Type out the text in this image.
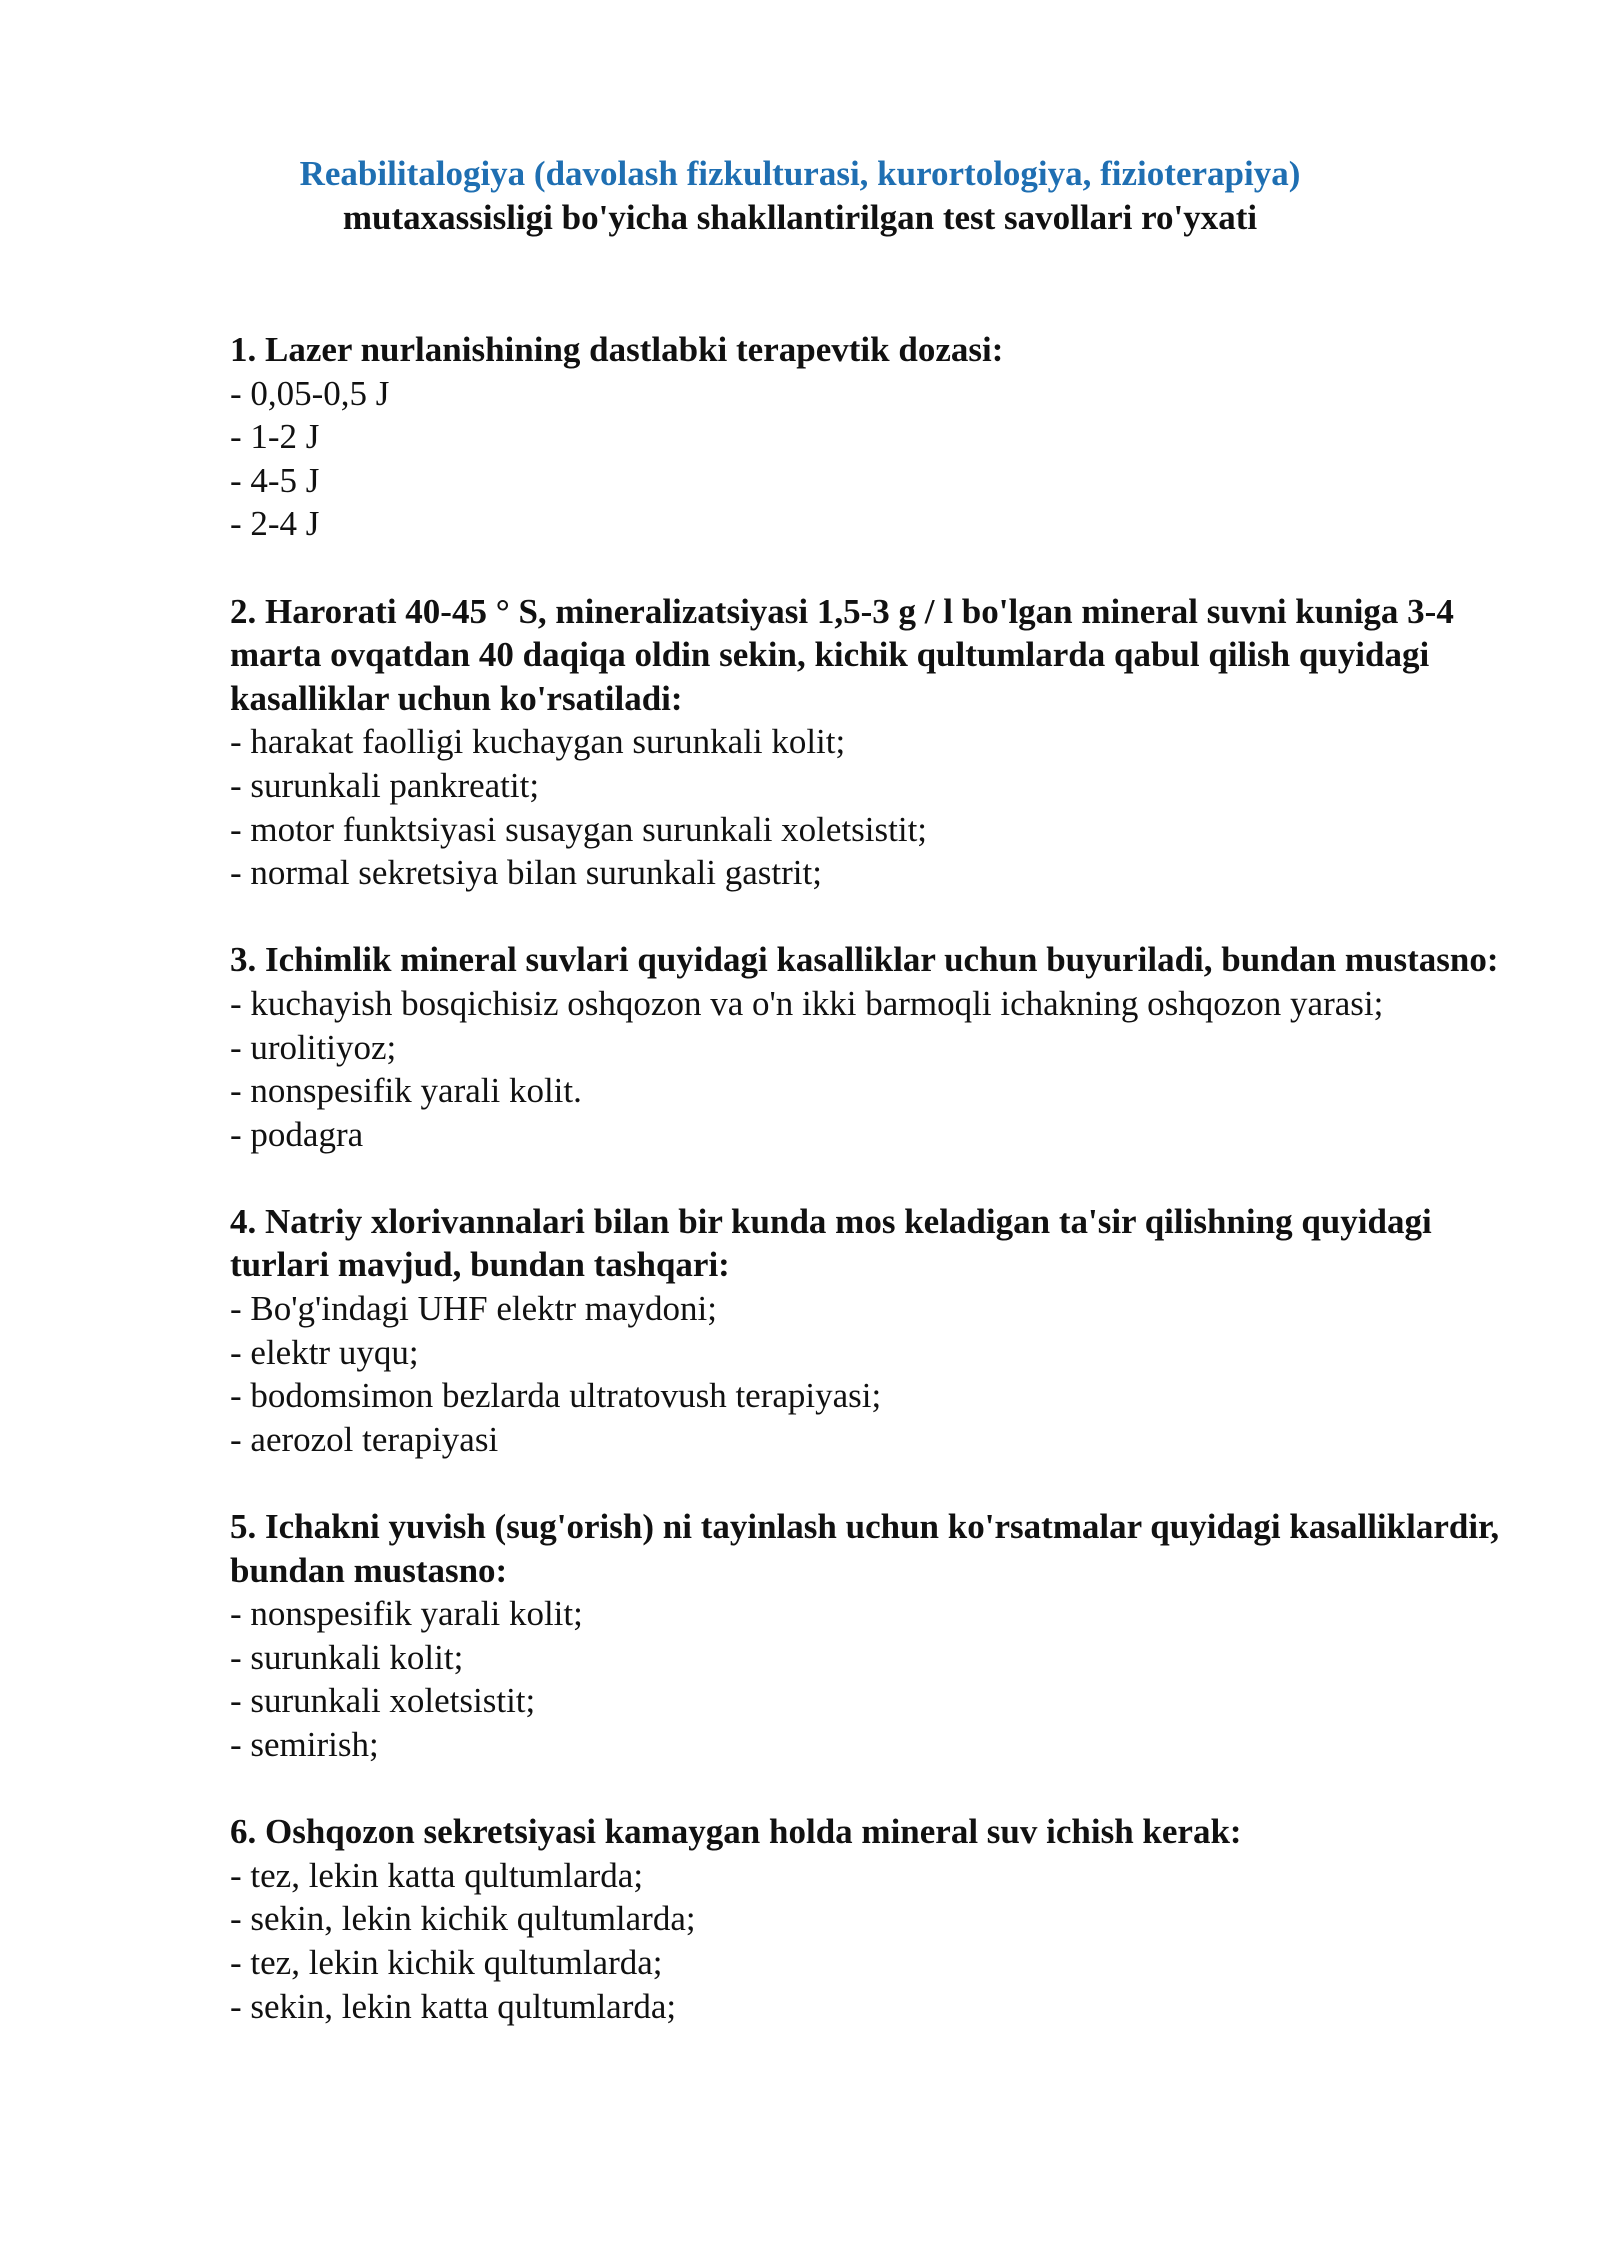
Reabilitalogiya (davolash fizkulturasi, kurortologiya, fizioterapiya)
mutaxassisligi bo'yicha shakllantirilgan test savollari ro'yxati
1. Lazer nurlanishining dastlabki terapevtik dozasi:
- 0,05-0,5 J
- 1-2 J
- 4-5 J
- 2-4 J
2. Harorati 40-45 ° S, mineralizatsiyasi 1,5-3 g / l bo'lgan mineral suvni kuniga 3-4 marta ovqatdan 40 daqiqa oldin sekin, kichik qultumlarda qabul qilish quyidagi kasalliklar uchun ko'rsatiladi:
- harakat faolligi kuchaygan surunkali kolit;
- surunkali pankreatit;
- motor funktsiyasi susaygan surunkali xoletsistit;
- normal sekretsiya bilan surunkali gastrit;
3. Ichimlik mineral suvlari quyidagi kasalliklar uchun buyuriladi, bundan mustasno:
- kuchayish bosqichisiz oshqozon va o'n ikki barmoqli ichakning oshqozon yarasi;
- urolitiyoz;
- nonspesifik yarali kolit.
- podagra
4. Natriy xlorivannalari bilan bir kunda mos keladigan ta'sir qilishning quyidagi turlari mavjud, bundan tashqari:
- Bo'g'indagi UHF elektr maydoni;
- elektr uyqu;
- bodomsimon bezlarda ultratovush terapiyasi;
- aerozol terapiyasi
5. Ichakni yuvish (sug'orish) ni tayinlash uchun ko'rsatmalar quyidagi kasalliklardir, bundan mustasno:
- nonspesifik yarali kolit;
- surunkali kolit;
- surunkali xoletsistit;
- semirish;
6. Oshqozon sekretsiyasi kamaygan holda mineral suv ichish kerak:
- tez, lekin katta qultumlarda;
- sekin, lekin kichik qultumlarda;
- tez, lekin kichik qultumlarda;
- sekin, lekin katta qultumlarda;
